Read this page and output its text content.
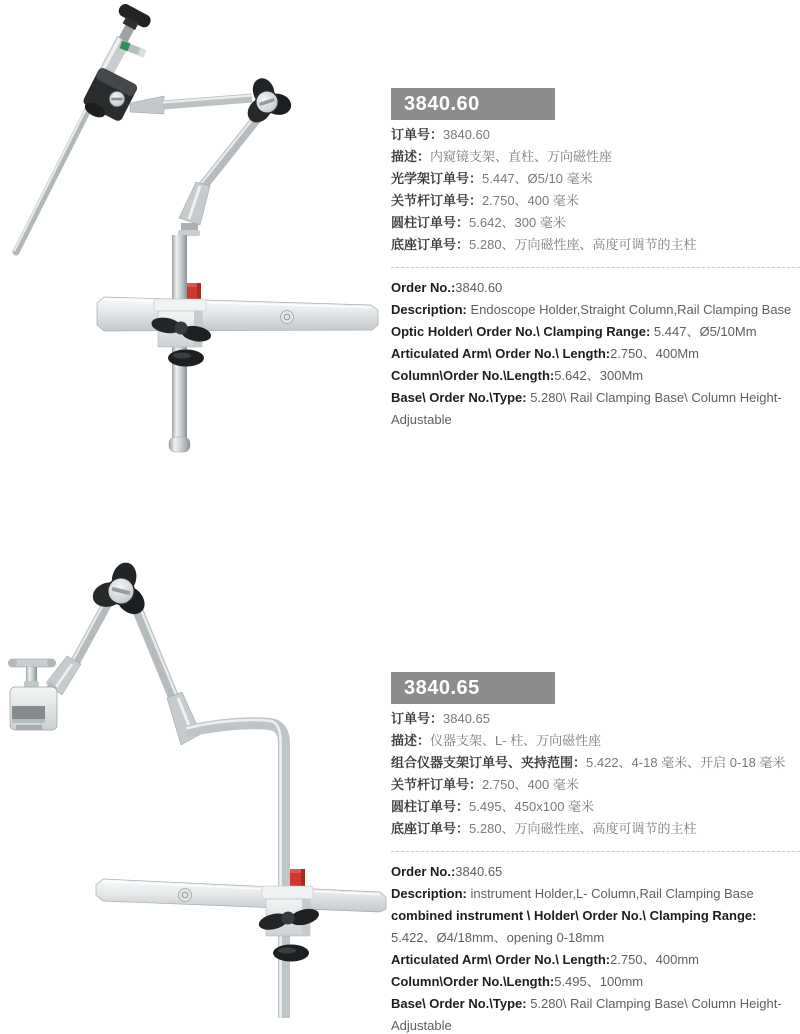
3840.60

订单号：3840.60

描述：内窥镜支架、直柱、万向磁性座

光学架订单号：5.447、Ø5/10 毫米

关节杆订单号：2.750、400 毫米

圆柱订单号：5.642、300 毫米

底座订单号：5.280、万向磁性座、高度可调节的主柱

Order No.:3840.60

Description: Endoscope Holder,Straight Column,Rail Clamping Base

Optic Holder\ Order No.\ Clamping Range: 5.447、Ø5/10Mm

Articulated Arm\ Order No.\ Length:2.750、400Mm

Column\Order No.\Length:5.642、300Mm

Base\ Order No.\Type: 5.280\ Rail Clamping Base\ Column Height-Adjustable

3840.65

订单号：3840.65

描述：仪器支架、L- 柱、万向磁性座

组合仪器支架订单号、夹持范围：5.422、4-18 毫米、开启 0-18 毫米

关节杆订单号：2.750、400 毫米

圆柱订单号：5.495、450x100 毫米

底座订单号：5.280、万向磁性座、高度可调节的主柱

Order No.:3840.65

Description: instrument Holder,L- Column,Rail Clamping Base

combined instrument \ Holder\ Order No.\ Clamping Range: 5.422、Ø4/18mm、opening 0-18mm

Articulated Arm\ Order No.\ Length:2.750、400mm

Column\Order No.\Length:5.495、100mm

Base\ Order No.\Type: 5.280\ Rail Clamping Base\ Column Height-Adjustable
